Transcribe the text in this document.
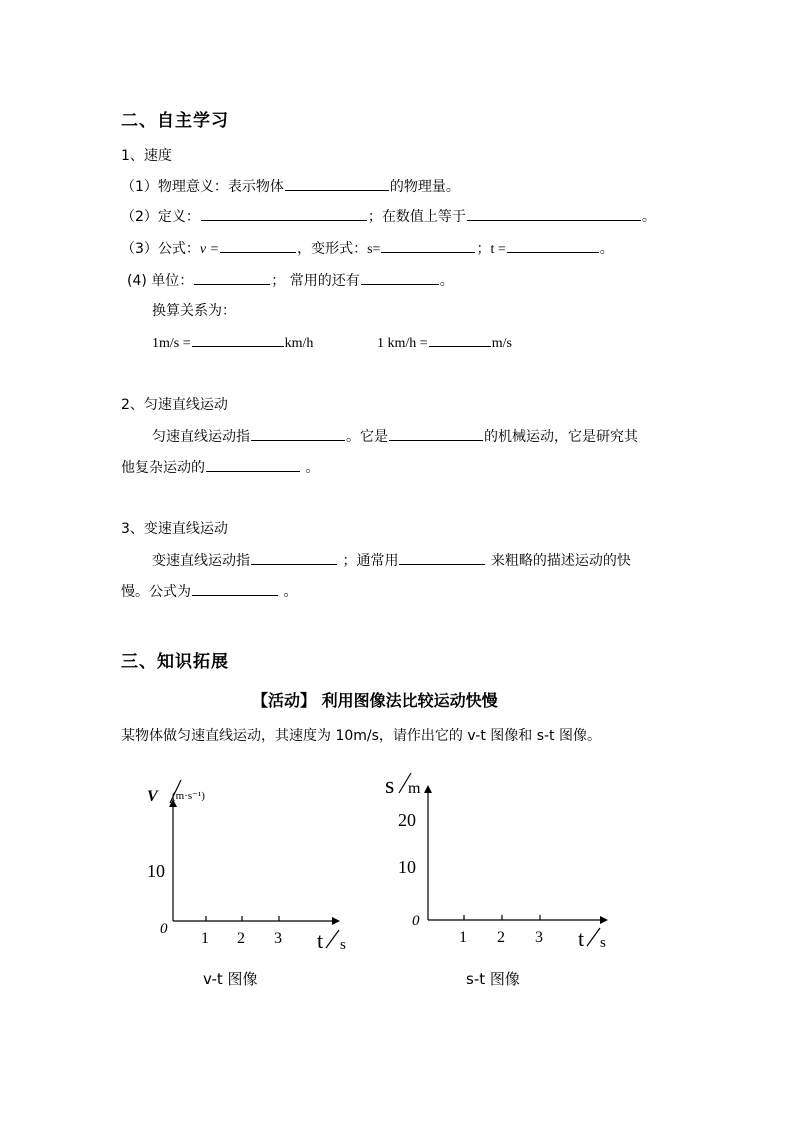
二、自主学习
1、速度
（1）物理意义：表示物体	的物理量。
（2）定义：	；在数值上等于	。
（3）公式：v =	，变形式：s=	；t =	。
(4) 单位：	； 常用的还有	。
换算关系为：
1m/s =	km/h	1 km/h =	m/s
2、匀速直线运动
匀速直线运动指	。它是	的机械运动，它是研究其
他复杂运动的	。
3、变速直线运动
变速直线运动指	；通常用	来粗略的描述运动的快
慢。公式为	。
三、知识拓展
【活动】 利用图像法比较运动快慢
某物体做匀速直线运动，其速度为 10m/s，请作出它的 v-t 图像和 s-t 图像。
V (m·s⁻¹)
10
0
1 2 3 t s
v-t 图像
s m
20
10
0
1 2 3 t s
s-t 图像
